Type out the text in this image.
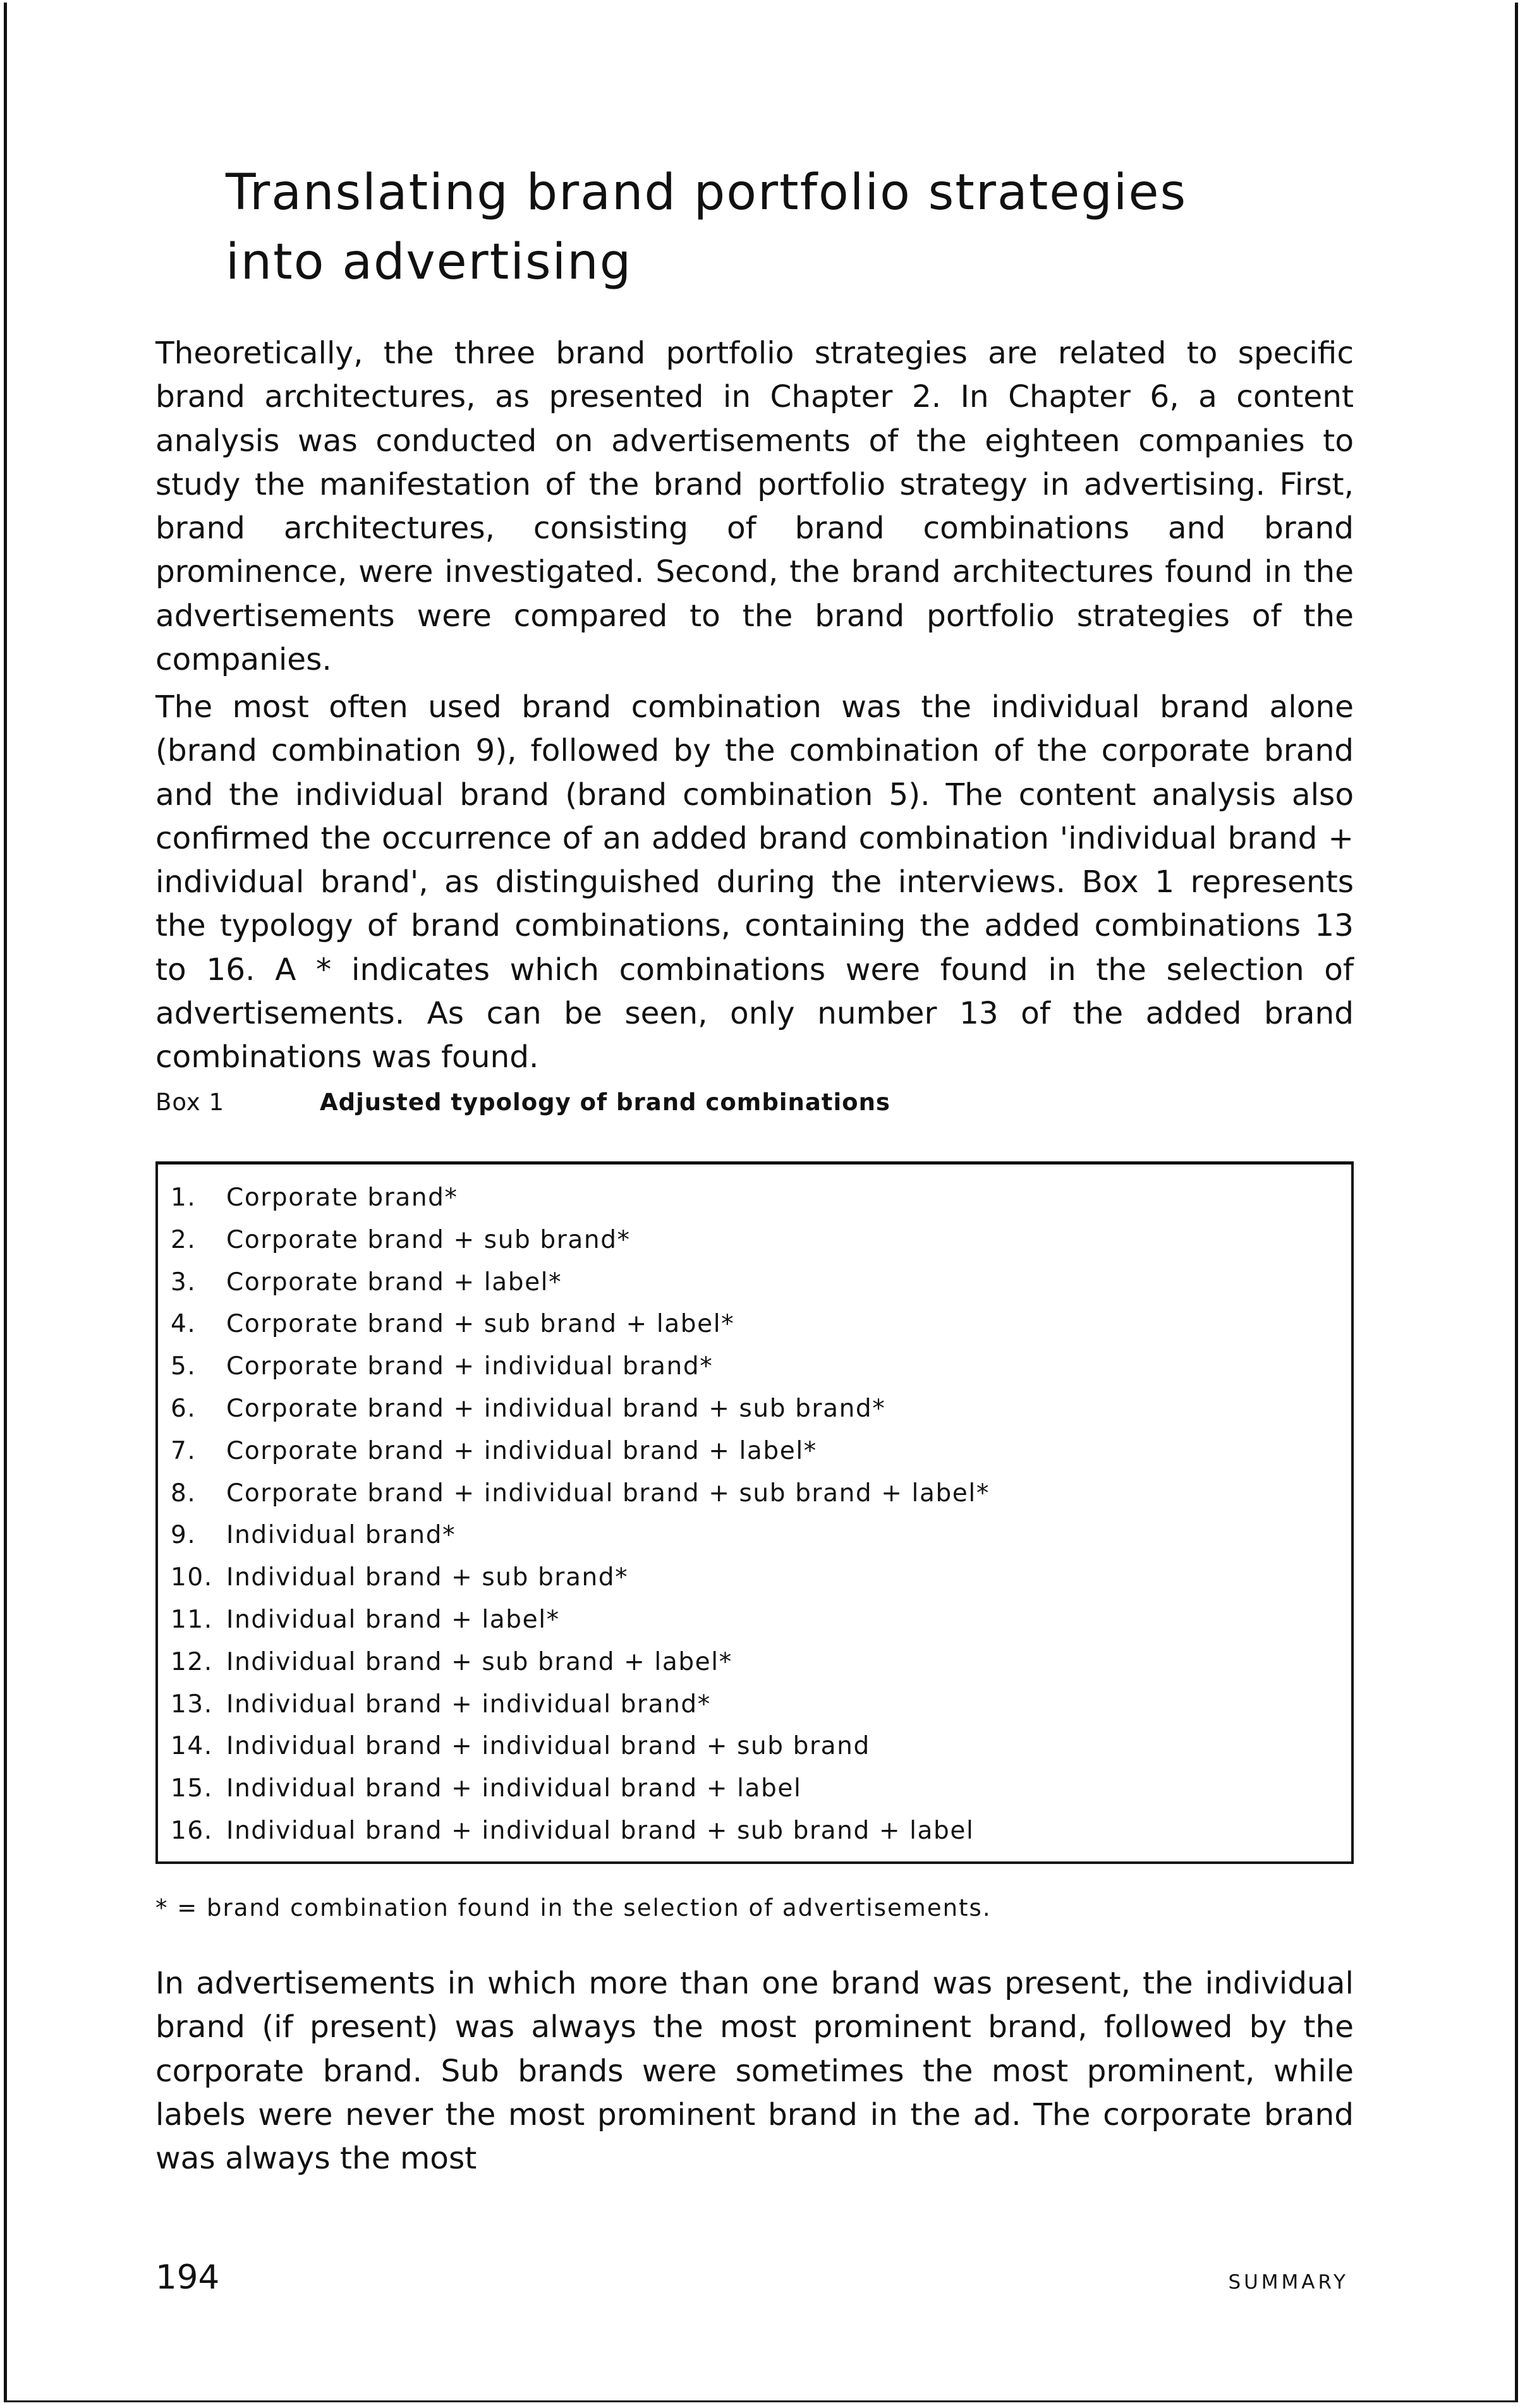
Translating brand portfolio strategies into advertising

Theoretically, the three brand portfolio strategies are related to specific brand architectures, as presented in Chapter 2. In Chapter 6, a content analysis was conducted on advertisements of the eighteen companies to study the manifestation of the brand portfolio strategy in advertising. First, brand architectures, consisting of brand combinations and brand prominence, were investigated. Second, the brand architectures found in the advertisements were compared to the brand portfolio strategies of the companies.

The most often used brand combination was the individual brand alone (brand combination 9), followed by the combination of the corporate brand and the individual brand (brand combination 5). The content analysis also confirmed the occurrence of an added brand combination 'individual brand + individual brand', as distinguished during the interviews. Box 1 represents the typology of brand combinations, containing the added combinations 13 to 16. A * indicates which combinations were found in the selection of advertisements. As can be seen, only number 13 of the added brand combinations was found.

Box 1	Adjusted typology of brand combinations
1. Corporate brand*
2. Corporate brand + sub brand*
3. Corporate brand + label*
4. Corporate brand + sub brand + label*
5. Corporate brand + individual brand*
6. Corporate brand + individual brand + sub brand*
7. Corporate brand + individual brand + label*
8. Corporate brand + individual brand + sub brand + label*
9. Individual brand*
10. Individual brand + sub brand*
11. Individual brand + label*
12. Individual brand + sub brand + label*
13. Individual brand + individual brand*
14. Individual brand + individual brand + sub brand
15. Individual brand + individual brand + label
16. Individual brand + individual brand + sub brand + label
* = brand combination found in the selection of advertisements.

In advertisements in which more than one brand was present, the individual brand (if present) was always the most prominent brand, followed by the corporate brand. Sub brands were sometimes the most prominent, while labels were never the most prominent brand in the ad. The corporate brand was always the most

194	SUMMARY
